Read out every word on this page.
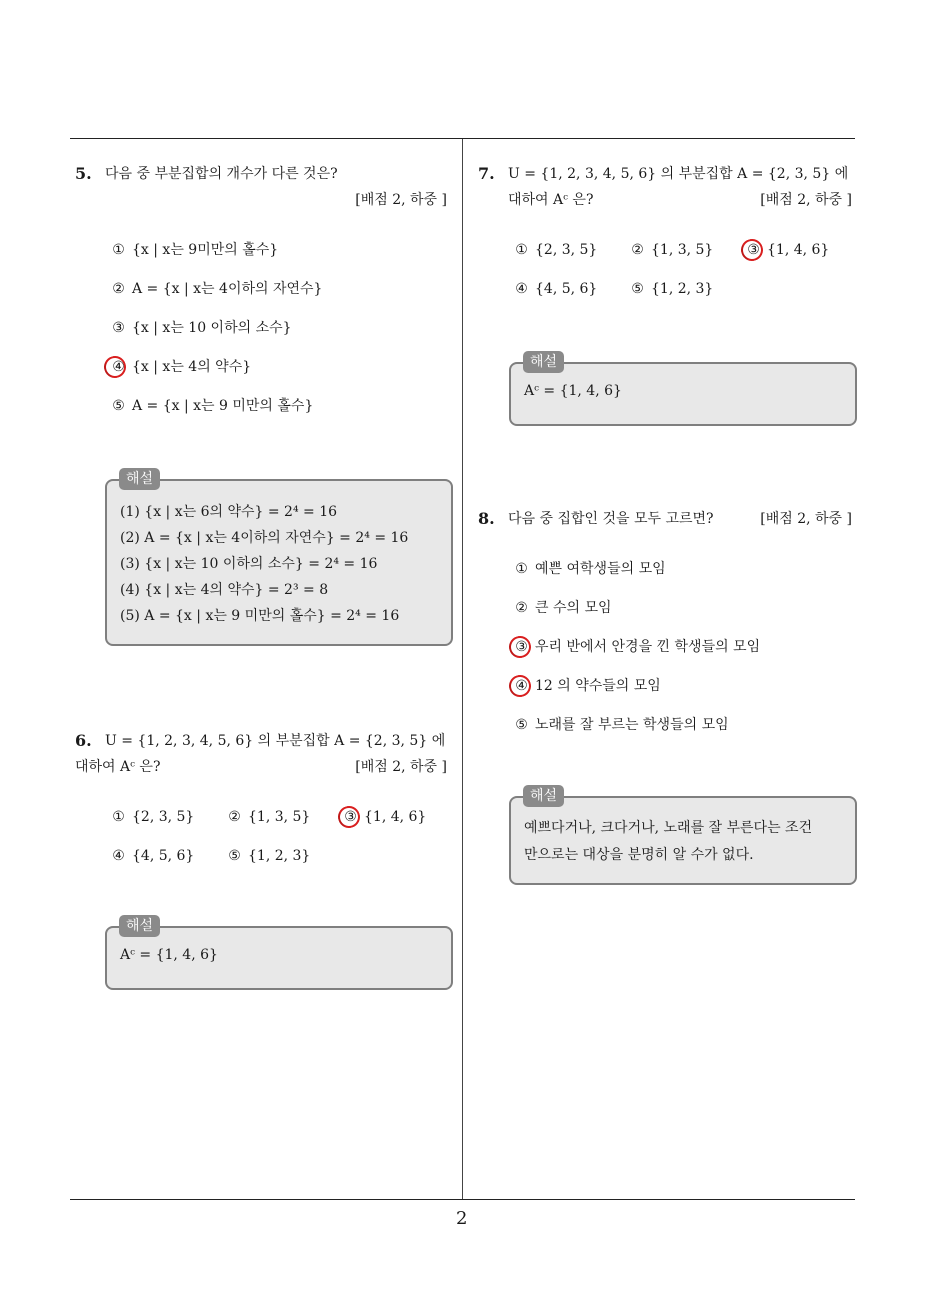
5. 다음 중 부분집합의 개수가 다른 것은?
[배점 2, 하중 ]
① {x | x는 9미만의 홀수}
② A = {x | x는 4이하의 자연수}
③ {x | x는 10 이하의 소수}
④ {x | x는 4의 약수}
⑤ A = {x | x는 9 미만의 홀수}
해설
(1) {x | x는 6의 약수} = 2⁴ = 16
(2) A = {x | x는 4이하의 자연수} = 2⁴ = 16
(3) {x | x는 10 이하의 소수} = 2⁴ = 16
(4) {x | x는 4의 약수} = 2³ = 8
(5) A = {x | x는 9 미만의 홀수} = 2⁴ = 16
6. U = {1, 2, 3, 4, 5, 6} 의 부분집합 A = {2, 3, 5} 에
대하여 Aᶜ 은?	[배점 2, 하중 ]
① {2, 3, 5} ② {1, 3, 5} ③ {1, 4, 6}
④ {4, 5, 6} ⑤ {1, 2, 3}
해설
Aᶜ = {1, 4, 6}
7. U = {1, 2, 3, 4, 5, 6} 의 부분집합 A = {2, 3, 5} 에
대하여 Aᶜ 은?	[배점 2, 하중 ]
① {2, 3, 5} ② {1, 3, 5} ③ {1, 4, 6}
④ {4, 5, 6} ⑤ {1, 2, 3}
해설
Aᶜ = {1, 4, 6}
8. 다음 중 집합인 것을 모두 고르면?	[배점 2, 하중 ]
① 예쁜 여학생들의 모임
② 큰 수의 모임
③ 우리 반에서 안경을 낀 학생들의 모임
④ 12 의 약수들의 모임
⑤ 노래를 잘 부르는 학생들의 모임
해설
예쁘다거나, 크다거나, 노래를 잘 부른다는 조건
만으로는 대상을 분명히 알 수가 없다.
2
